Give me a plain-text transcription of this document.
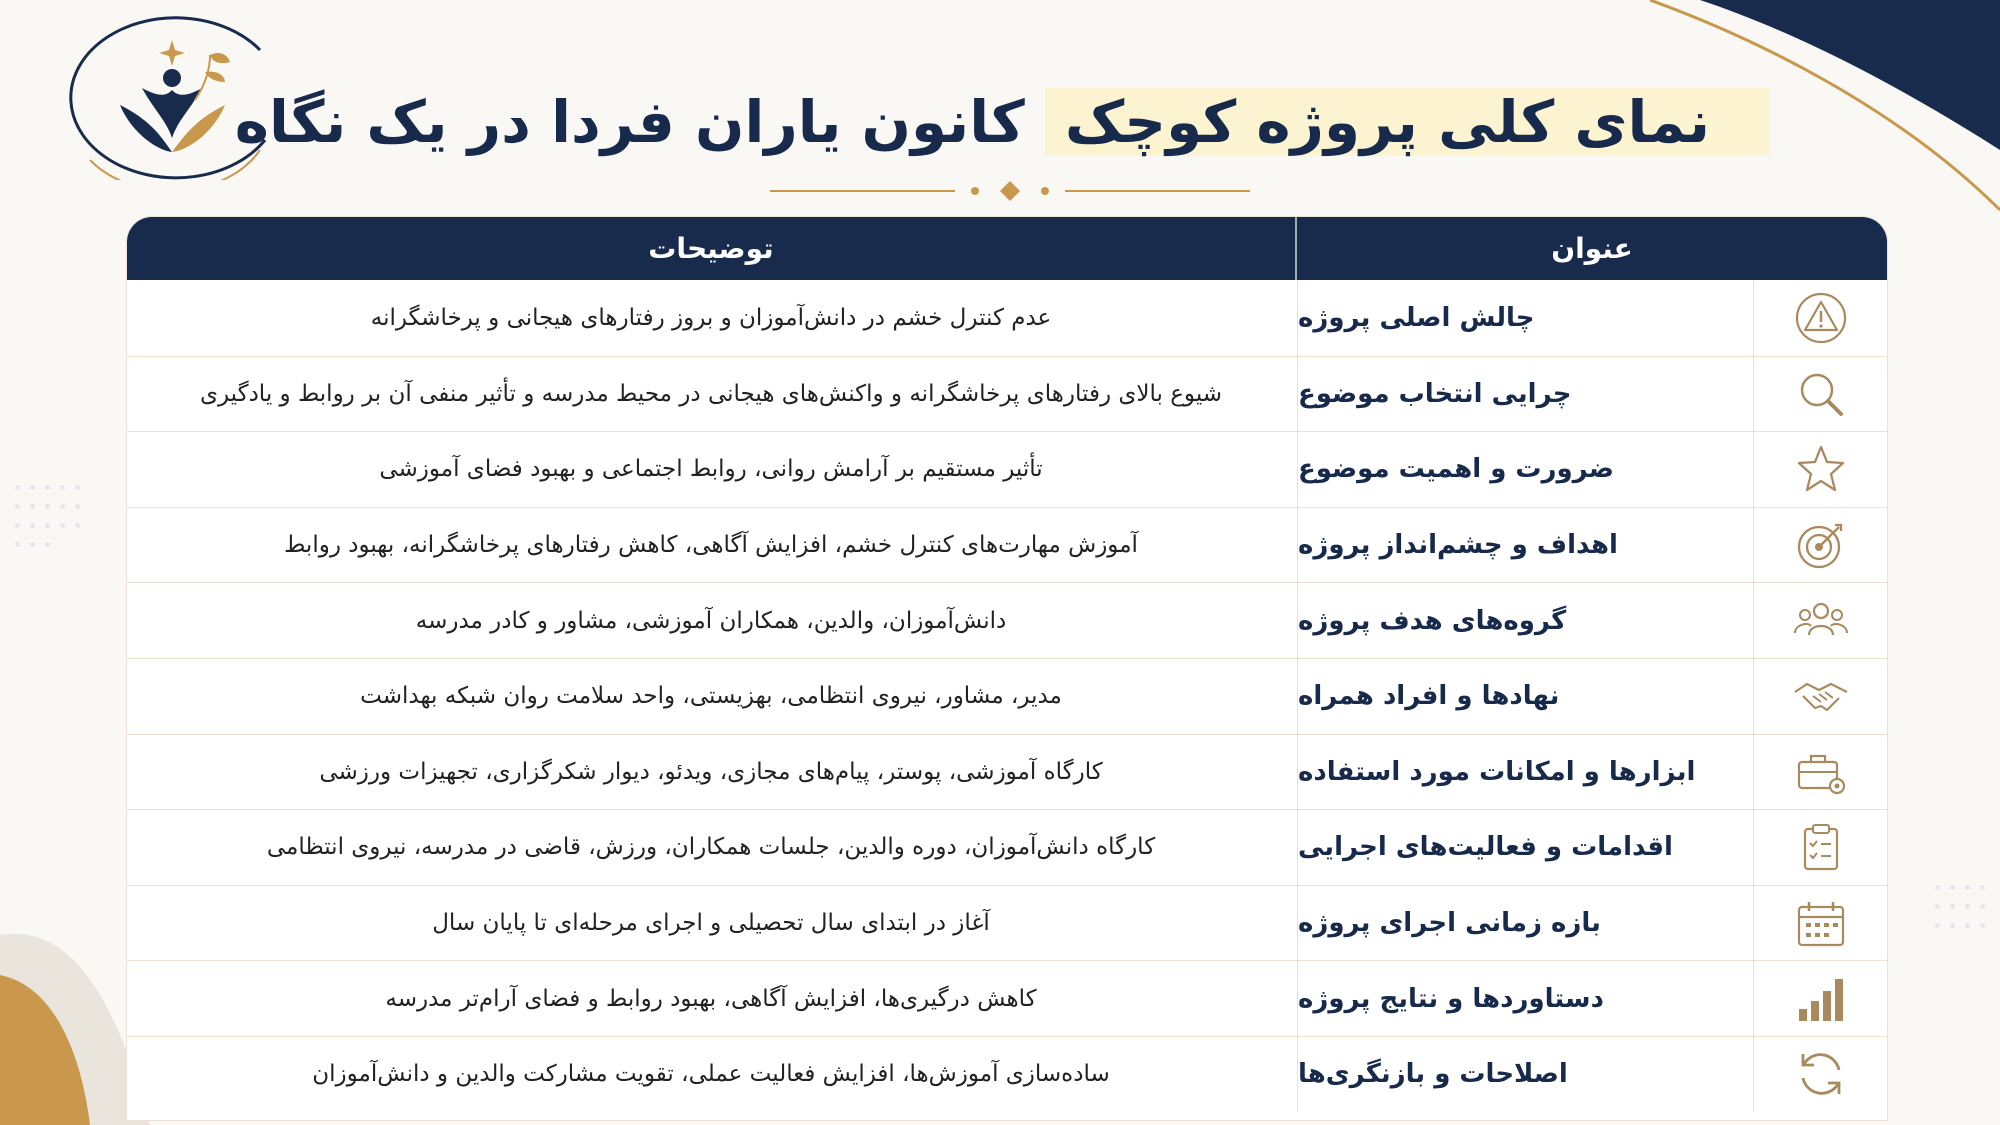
نمای کلی پروژه کوچک کانون یاران فردا در یک نگاه
عنوان
توضیحات
چالش اصلی پروژه
عدم کنترل خشم در دانش‌آموزان و بروز رفتارهای هیجانی و پرخاشگرانه
چرایی انتخاب موضوع
شیوع بالای رفتارهای پرخاشگرانه و واکنش‌های هیجانی در محیط مدرسه و تأثیر منفی آن بر روابط و یادگیری
ضرورت و اهمیت موضوع
تأثیر مستقیم بر آرامش روانی، روابط اجتماعی و بهبود فضای آموزشی
اهداف و چشم‌انداز پروژه
آموزش مهارت‌های کنترل خشم، افزایش آگاهی، کاهش رفتارهای پرخاشگرانه، بهبود روابط
گروه‌های هدف پروژه
دانش‌آموزان، والدین، همکاران آموزشی، مشاور و کادر مدرسه
نهادها و افراد همراه
مدیر، مشاور، نیروی انتظامی، بهزیستی، واحد سلامت روان شبکه بهداشت
ابزارها و امکانات مورد استفاده
کارگاه آموزشی، پوستر، پیام‌های مجازی، ویدئو، دیوار شکرگزاری، تجهیزات ورزشی
اقدامات و فعالیت‌های اجرایی
کارگاه دانش‌آموزان، دوره والدین، جلسات همکاران، ورزش، قاضی در مدرسه، نیروی انتظامی
بازه زمانی اجرای پروژه
آغاز در ابتدای سال تحصیلی و اجرای مرحله‌ای تا پایان سال
دستاوردها و نتایج پروژه
کاهش درگیری‌ها، افزایش آگاهی، بهبود روابط و فضای آرام‌تر مدرسه
اصلاحات و بازنگری‌ها
ساده‌سازی آموزش‌ها، افزایش فعالیت عملی، تقویت مشارکت والدین و دانش‌آموزان
